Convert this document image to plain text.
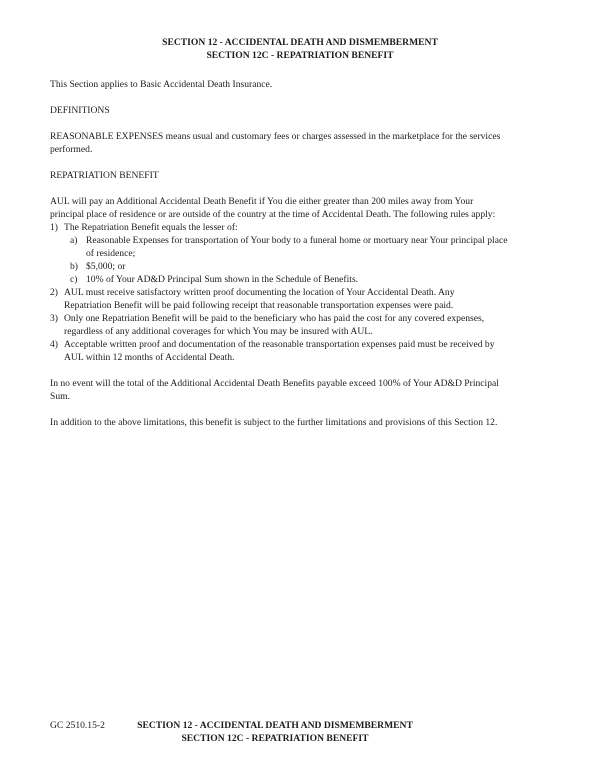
SECTION 12 - ACCIDENTAL DEATH AND DISMEMBERMENT
SECTION 12C - REPATRIATION BENEFIT

This Section applies to Basic Accidental Death Insurance.

DEFINITIONS

REASONABLE EXPENSES means usual and customary fees or charges assessed in the marketplace for the services
performed.

REPATRIATION BENEFIT

AUL will pay an Additional Accidental Death Benefit if You die either greater than 200 miles away from Your
principal place of residence or are outside of the country at the time of Accidental Death. The following rules apply:

1) The Repatriation Benefit equals the lesser of:
a) Reasonable Expenses for transportation of Your body to a funeral home or mortuary near Your principal place
of residence;
b) $5,000; or
c) 10% of Your AD&D Principal Sum shown in the Schedule of Benefits.
2) AUL must receive satisfactory written proof documenting the location of Your Accidental Death. Any
Repatriation Benefit will be paid following receipt that reasonable transportation expenses were paid.
3) Only one Repatriation Benefit will be paid to the beneficiary who has paid the cost for any covered expenses,
regardless of any additional coverages for which You may be insured with AUL.
4) Acceptable written proof and documentation of the reasonable transportation expenses paid must be received by
AUL within 12 months of Accidental Death.

In no event will the total of the Additional Accidental Death Benefits payable exceed 100% of Your AD&D Principal
Sum.

In addition to the above limitations, this benefit is subject to the further limitations and provisions of this Section 12.

GC 2510.15-2	SECTION 12 - ACCIDENTAL DEATH AND DISMEMBERMENT
SECTION 12C - REPATRIATION BENEFIT
